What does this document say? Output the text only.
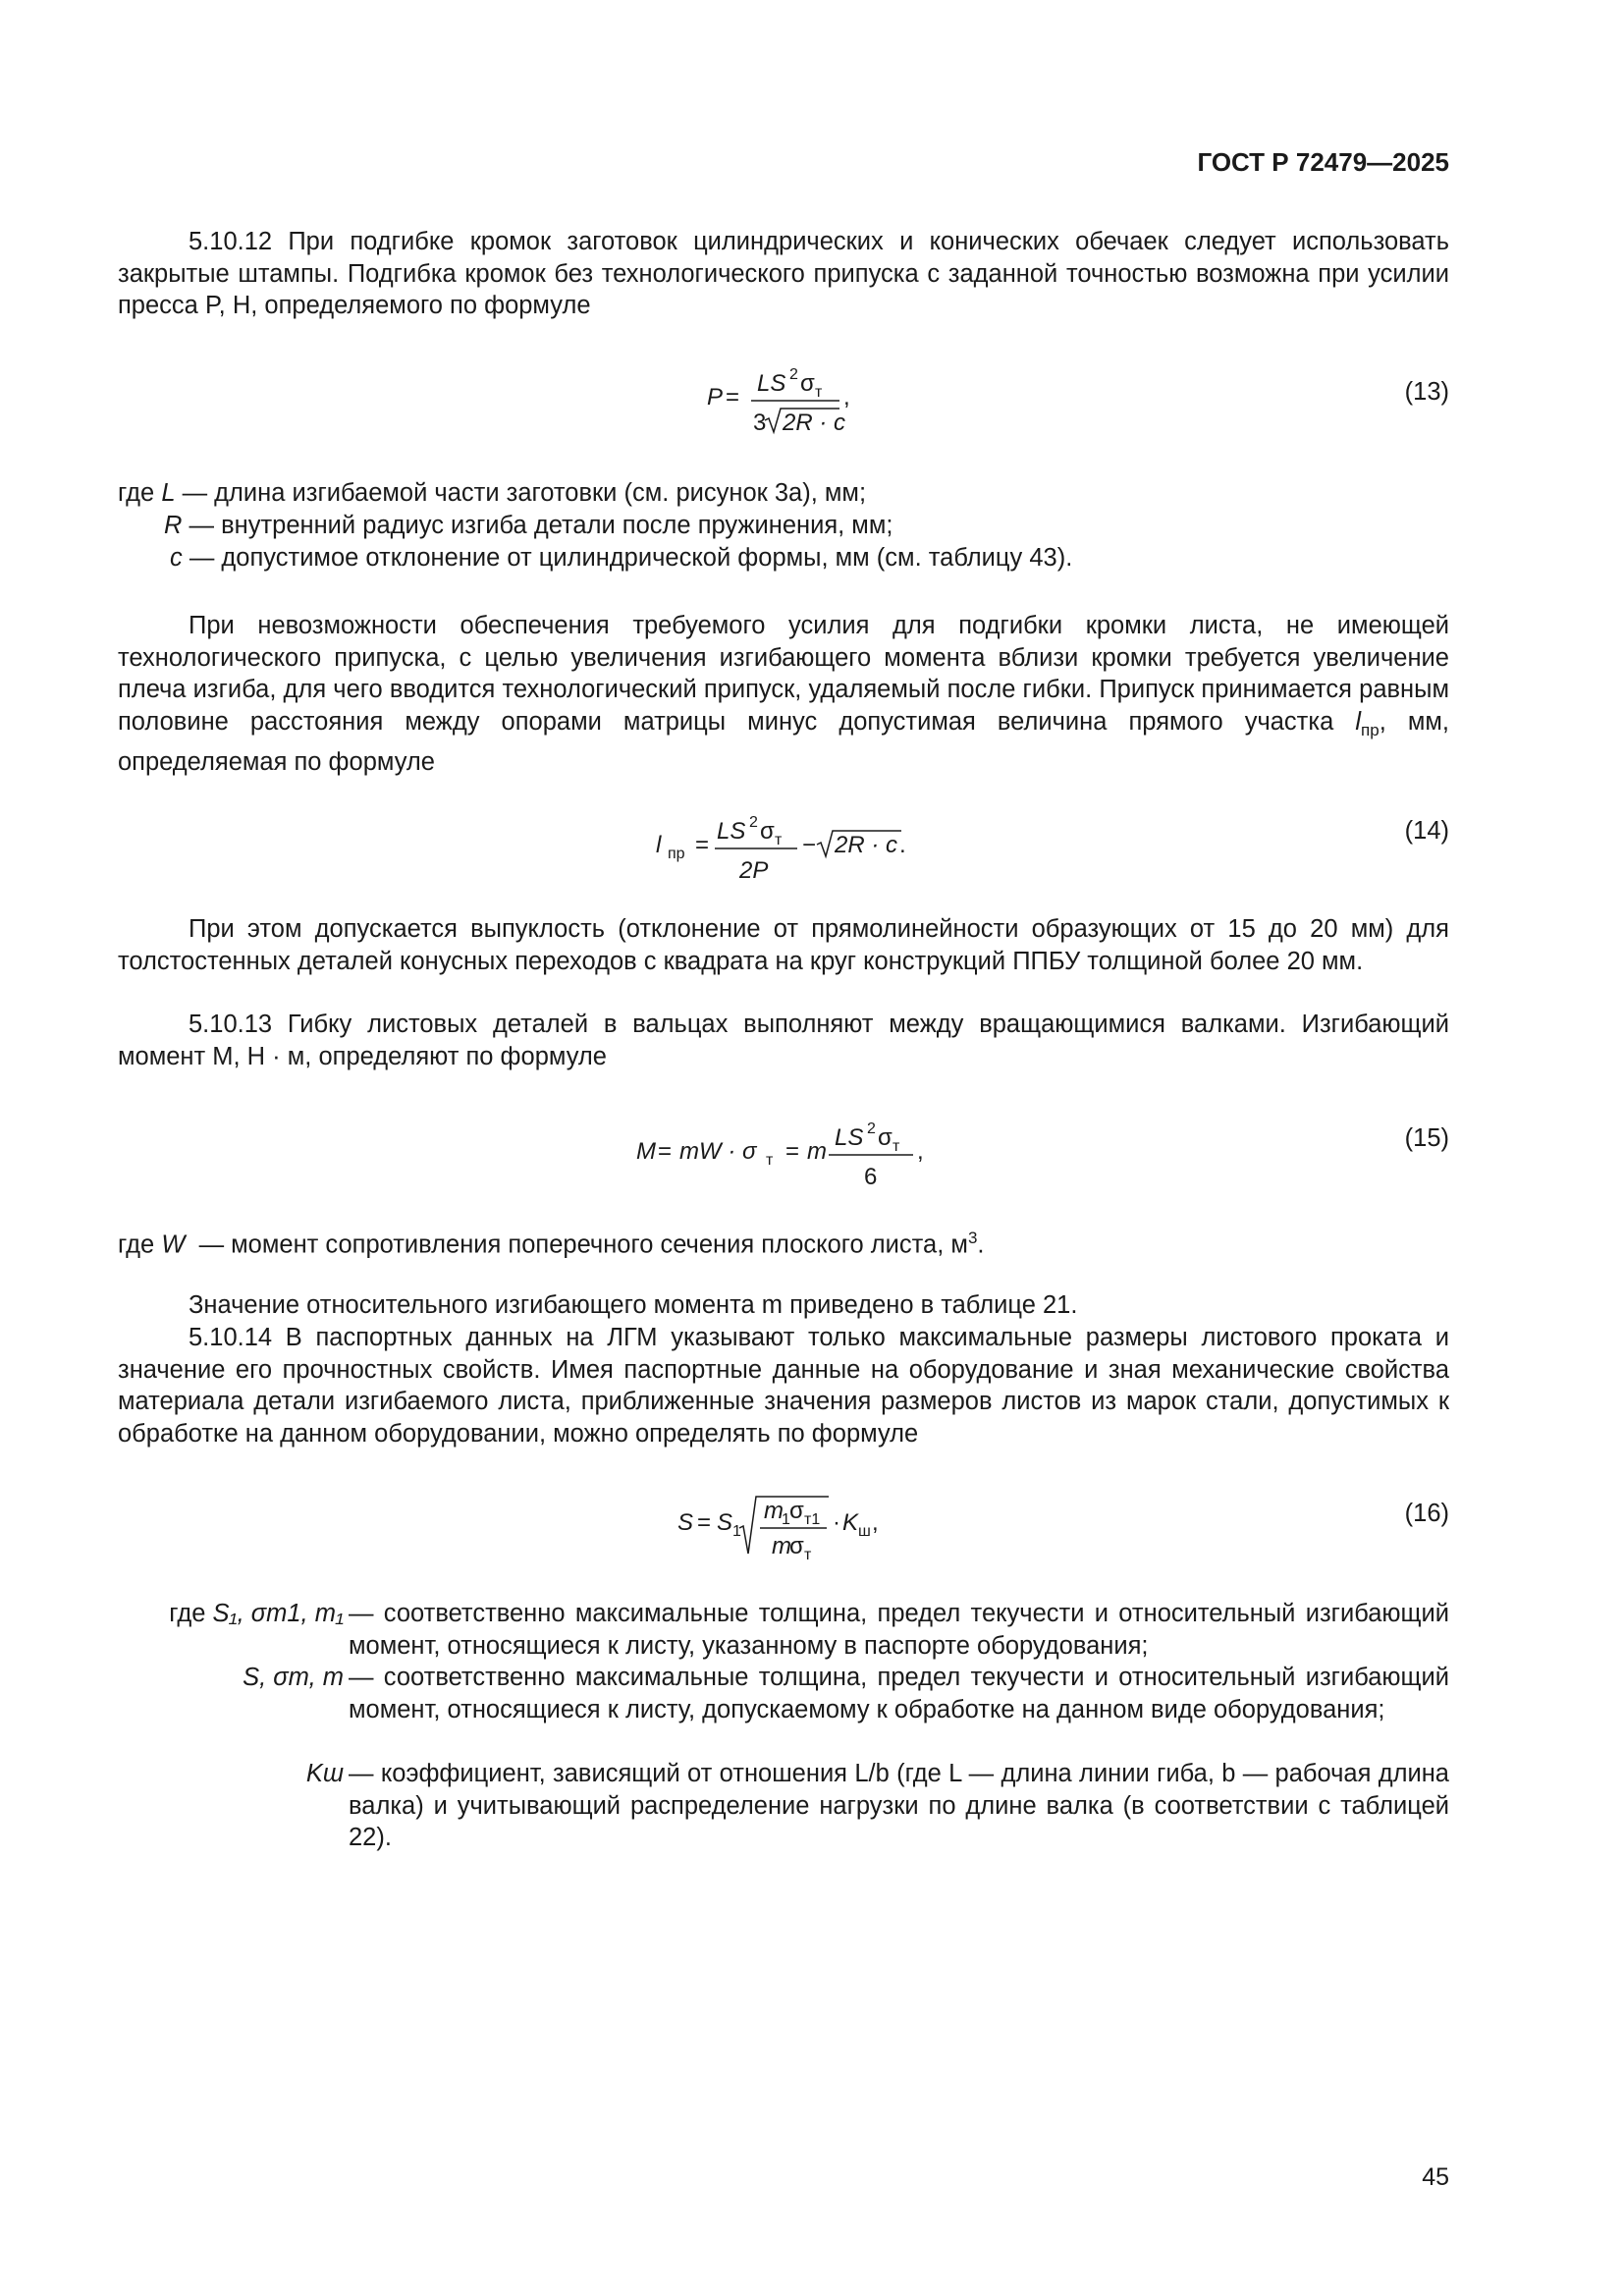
ГОСТ Р 72479—2025
5.10.12 При подгибке кромок заготовок цилиндрических и конических обечаек следует использовать закрытые штампы. Подгибка кромок без технологического припуска с заданной точностью возможна при усилии пресса P, Н, определяемого по формуле
P =
LS 2 σ т
3 2R · c
,	(13)
где L — длина изгибаемой части заготовки (см. рисунок 3а), мм;
R — внутренний радиус изгиба детали после пружинения, мм;
c — допустимое отклонение от цилиндрической формы, мм (см. таблицу 43).
При невозможности обеспечения требуемого усилия для подгибки кромки листа, не имеющей технологического припуска, с целью увеличения изгибающего момента вблизи кромки требуется увеличение плеча изгиба, для чего вводится технологический припуск, удаляемый после гибки. Припуск принимается равным половине расстояния между опорами матрицы минус допустимая величина прямого участка $l_{пр}$, мм, определяемая по формуле
l пр =
LS 2 σ т
2P
− 2R · c .
(14)
При этом допускается выпуклость (отклонение от прямолинейности образующих от 15 до 20 мм) для толстостенных деталей конусных переходов с квадрата на круг конструкций ППБУ толщиной более 20 мм.
5.10.13 Гибку листовых деталей в вальцах выполняют между вращающимися валками. Изгибающий момент M, Н · м, определяют по формуле
M = mW · σ т = m
LS 2 σ т
6
,	(15)
где W — момент сопротивления поперечного сечения плоского листа, $м^3$.
Значение относительного изгибающего момента m приведено в таблице 21.
5.10.14 В паспортных данных на ЛГМ указывают только максимальные размеры листового проката и значение его прочностных свойств. Имея паспортные данные на оборудование и зная механические свойства материала детали изгибаемого листа, приближенные значения размеров листов из марок стали, допустимых к обработке на данном оборудовании, можно определять по формуле
S = S 1
m
1 σ т1
m
σ т
· K ш ,	(16)
где S₁, σт1, m₁ — соответственно максимальные толщина, предел текучести и относительный изгибающий момент, относящиеся к листу, указанному в паспорте оборудования;
S, σт, m — соответственно максимальные толщина, предел текучести и относительный изгибающий момент, относящиеся к листу, допускаемому к обработке на данном виде оборудования;
Kш — коэффициент, зависящий от отношения L/b (где L — длина линии гиба, b — рабочая длина валка) и учитывающий распределение нагрузки по длине валка (в соответствии с таблицей 22).
45
